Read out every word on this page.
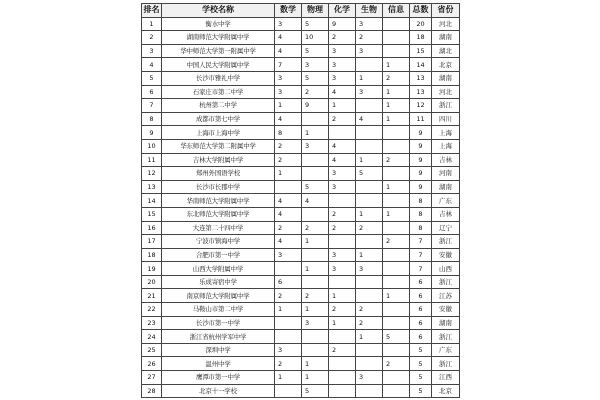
排名	学校名称	数学	物理	化学	生物	信息	总数	省份
1	衡水中学	3	5	9	3		20	河北
2	湖南师范大学附属中学	4	10	2	2		18	湖南
3	华中师范大学第一附属中学	4	5	3	3		15	湖北
4	中国人民大学附属中学	7	3	3		1	14	北京
5	长沙市雅礼中学	3	5	3	1	2	13	湖南
6	石家庄市第二中学	3	2	4	3	1	13	河北
7	杭州第二中学	1	9	1		1	12	浙江
8	成都市第七中学	4		2	4	1	11	四川
9	上海市上海中学	8	1				9	上海
10	华东师范大学第二附属中学	2	3	4			9	上海
11	吉林大学附属中学	2		4	1	2	9	吉林
12	郑州外国语学校	1		3	5		9	河南
13	长沙市长郡中学		5	3		1	9	湖南
14	华南师范大学附属中学	4	4				8	广东
15	东北师范大学附属中学	4		2	1	1	8	吉林
16	大连第二十四中学	2	2	2	2		8	辽宁
17	宁波市镇海中学	4	1			2	7	浙江
18	合肥市第一中学	3		3	1		7	安徽
19	山西大学附属中学		1	3	3		7	山西
20	乐成寄宿中学	6					6	浙江
21	南京师范大学附属中学	2	2	1		1	6	江苏
22	马鞍山市第二中学	1	1	2	2		6	安徽
23	长沙市第一中学		3	1	2		6	湖南
24	浙江省杭州学军中学				1	5	6	浙江
25	深圳中学	3		2			5	广东
26	温州中学	2	1			2	5	浙江
27	鹰潭市第一中学	1	1		3		5	江西
28	北京十一学校		5				5	北京
